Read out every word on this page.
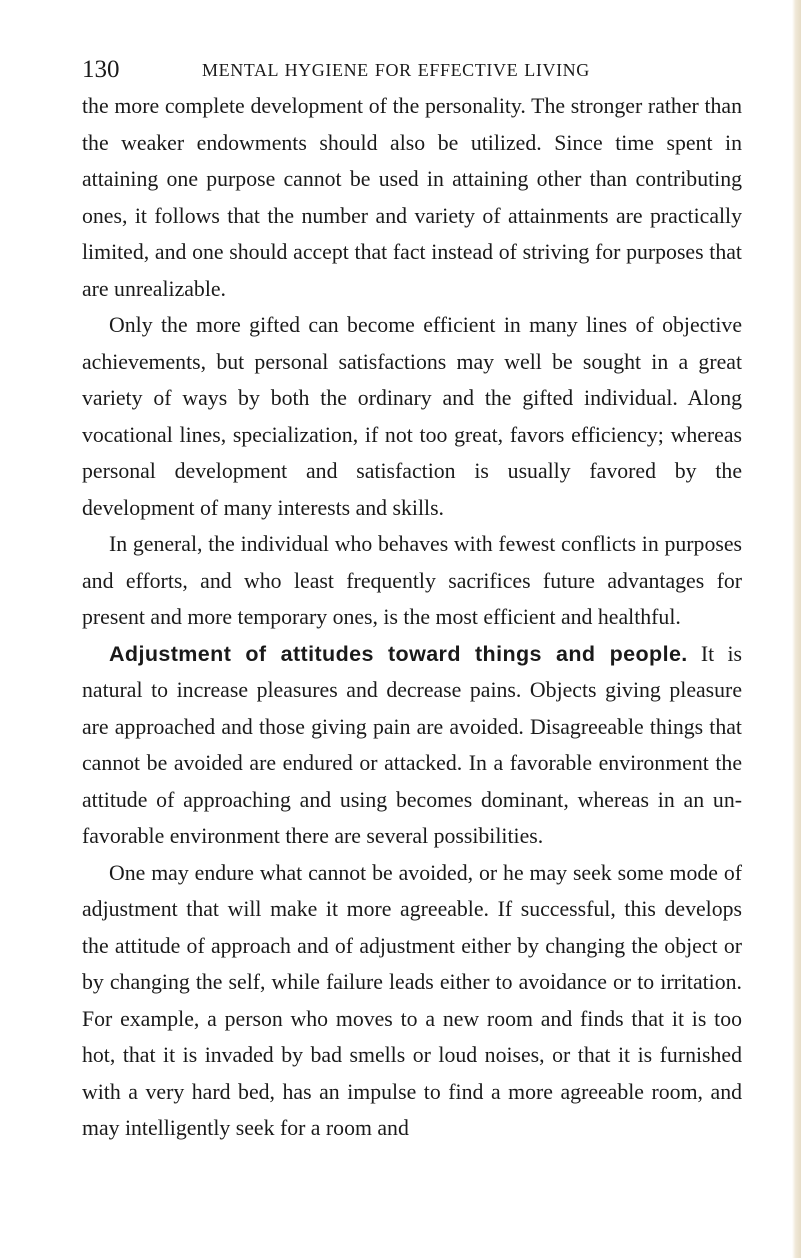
130	MENTAL HYGIENE FOR EFFECTIVE LIVING

the more complete development of the personality. The stronger rather than the weaker endowments should also be utilized. Since time spent in attaining one purpose cannot be used in attaining other than contributing ones, it follows that the number and variety of attainments are practically limited, and one should accept that fact instead of striving for purposes that are unrealizable.

Only the more gifted can become efficient in many lines of objective achievements, but personal satisfactions may well be sought in a great variety of ways by both the ordinary and the gifted individual. Along vocational lines, specialization, if not too great, favors efficiency; whereas personal development and satisfaction is usually favored by the development of many interests and skills.

In general, the individual who behaves with fewest conflicts in purposes and efforts, and who least frequently sacrifices future advantages for present and more temporary ones, is the most efficient and healthful.

Adjustment of attitudes toward things and people. It is natural to increase pleasures and decrease pains. Objects giving pleasure are approached and those giving pain are avoided. Disagreeable things that cannot be avoided are endured or attacked. In a favorable environment the attitude of approaching and using becomes dominant, whereas in an unfavorable environment there are several possibilities.

One may endure what cannot be avoided, or he may seek some mode of adjustment that will make it more agreeable. If successful, this develops the attitude of approach and of adjustment either by changing the object or by changing the self, while failure leads either to avoidance or to irritation. For example, a person who moves to a new room and finds that it is too hot, that it is invaded by bad smells or loud noises, or that it is furnished with a very hard bed, has an impulse to find a more agreeable room, and may intelligently seek for a room and
